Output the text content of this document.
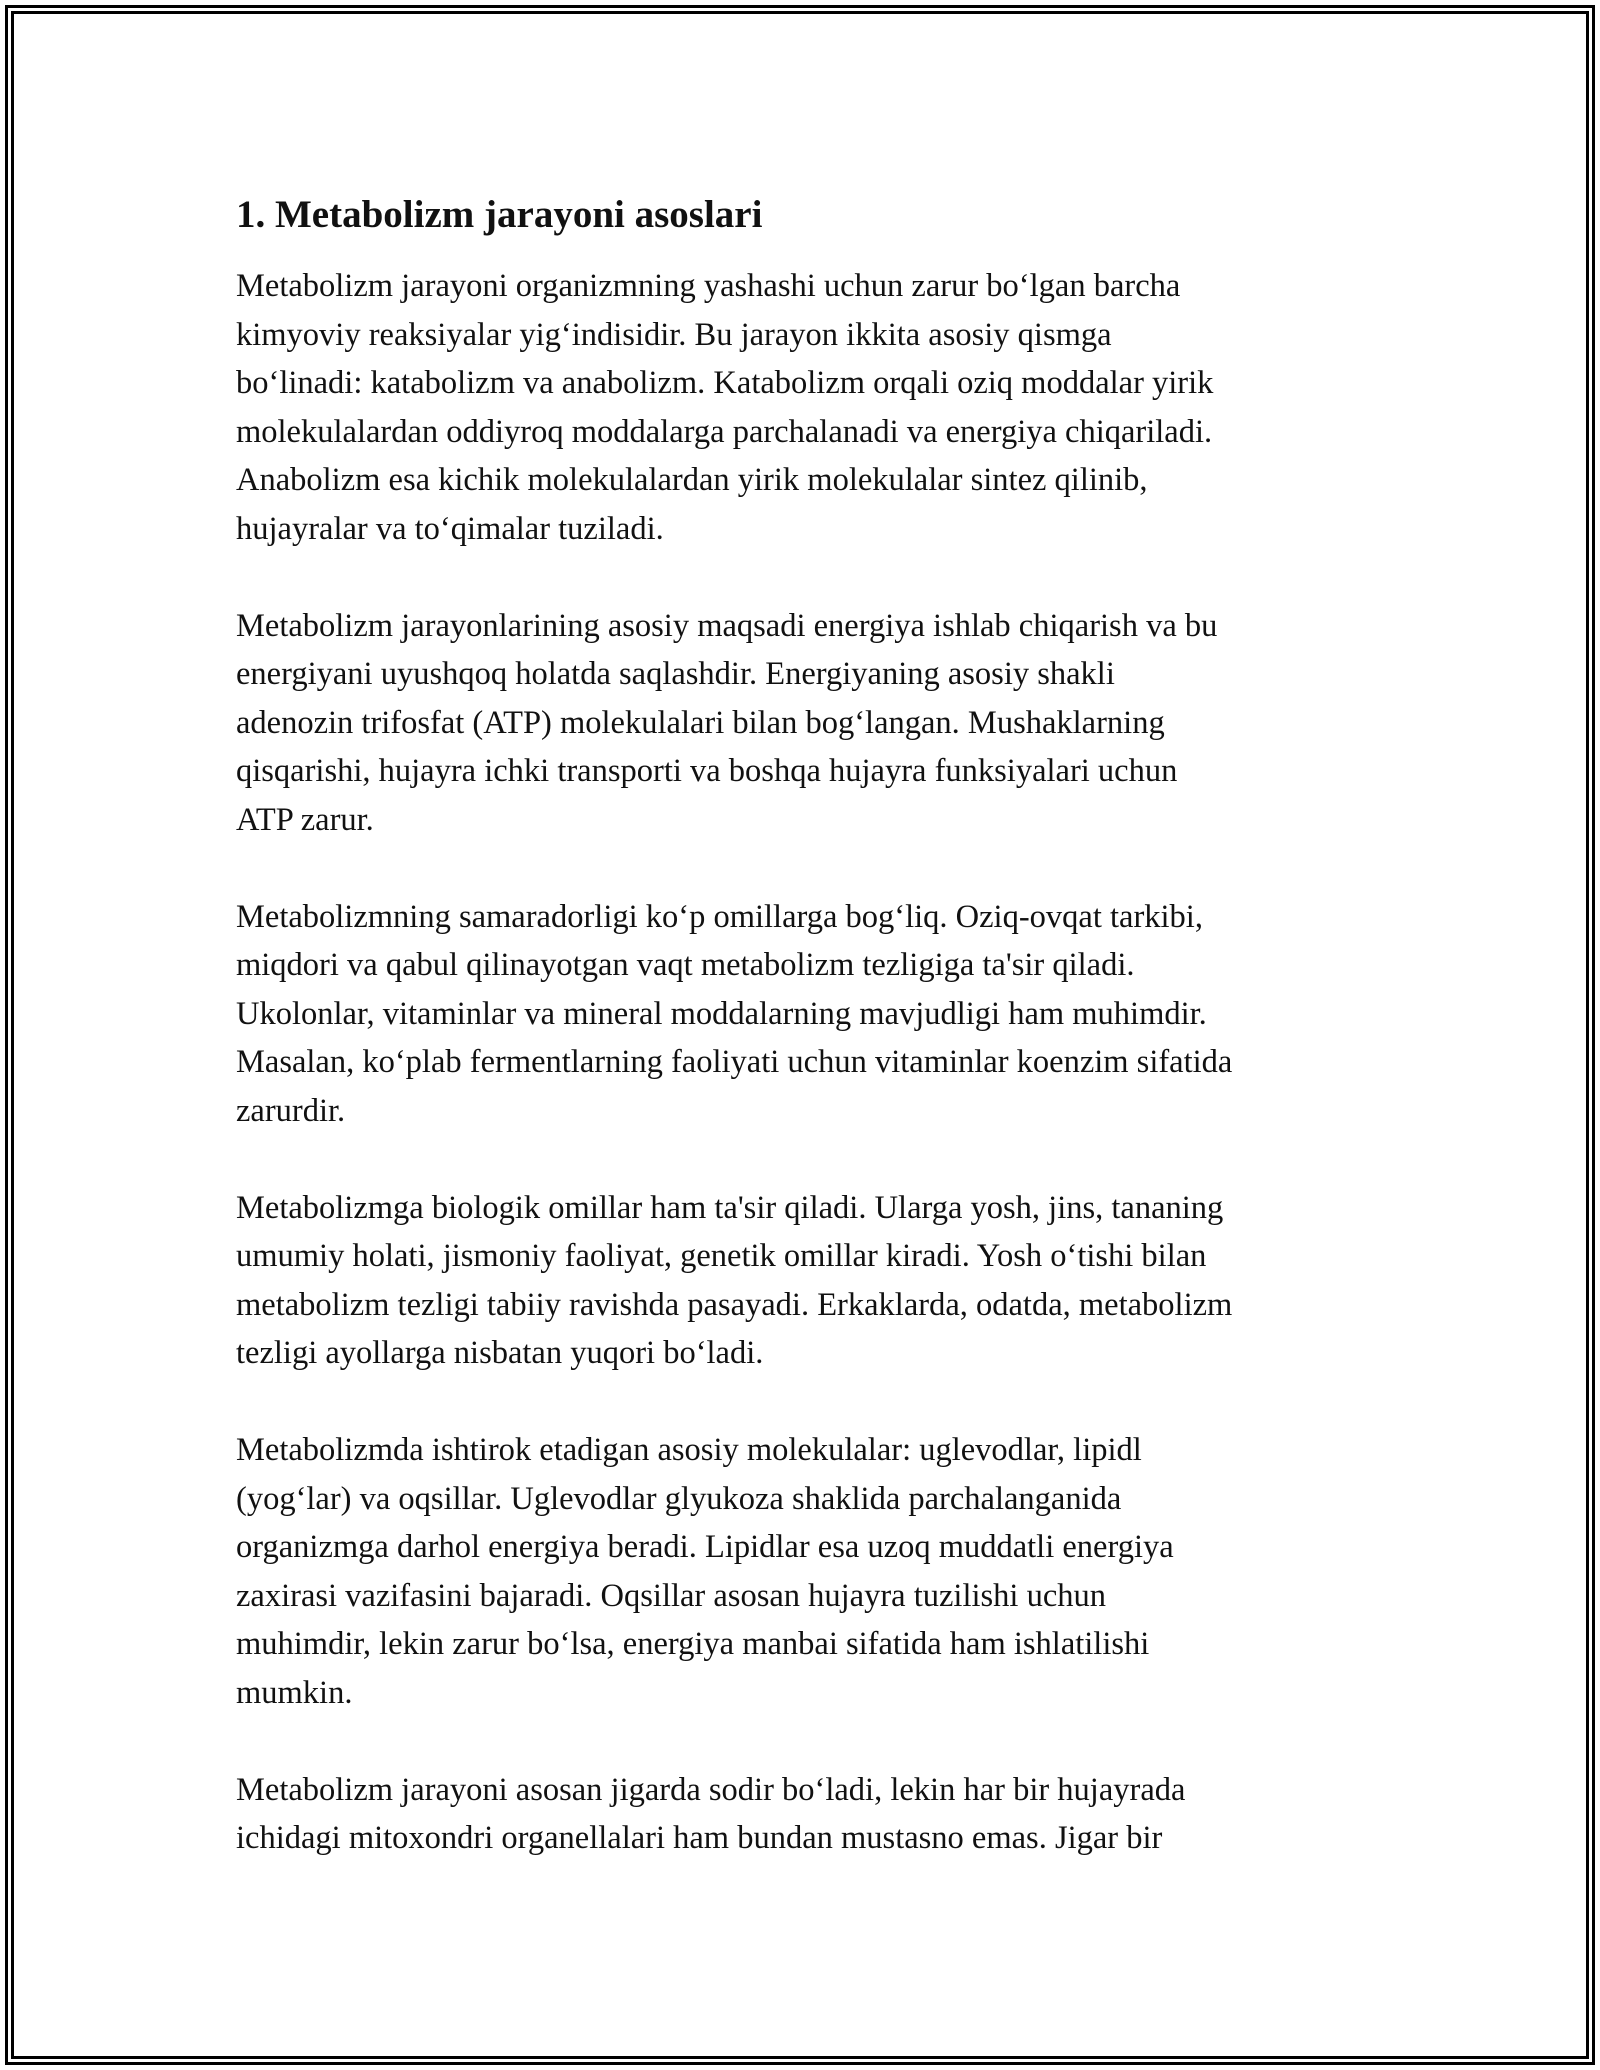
1. Metabolizm jarayoni asoslari
Metabolizm jarayoni organizmning yashashi uchun zarur bo‘lgan barcha
kimyoviy reaksiyalar yig‘indisidir. Bu jarayon ikkita asosiy qismga
bo‘linadi: katabolizm va anabolizm. Katabolizm orqali oziq moddalar yirik
molekulalardan oddiyroq moddalarga parchalanadi va energiya chiqariladi.
Anabolizm esa kichik molekulalardan yirik molekulalar sintez qilinib,
hujayralar va to‘qimalar tuziladi.
Metabolizm jarayonlarining asosiy maqsadi energiya ishlab chiqarish va bu
energiyani uyushqoq holatda saqlashdir. Energiyaning asosiy shakli
adenozin trifosfat (ATP) molekulalari bilan bog‘langan. Mushaklarning
qisqarishi, hujayra ichki transporti va boshqa hujayra funksiyalari uchun
ATP zarur.
Metabolizmning samaradorligi ko‘p omillarga bog‘liq. Oziq-ovqat tarkibi,
miqdori va qabul qilinayotgan vaqt metabolizm tezligiga ta'sir qiladi.
Ukolonlar, vitaminlar va mineral moddalarning mavjudligi ham muhimdir.
Masalan, ko‘plab fermentlarning faoliyati uchun vitaminlar koenzim sifatida
zarurdir.
Metabolizmga biologik omillar ham ta'sir qiladi. Ularga yosh, jins, tananing
umumiy holati, jismoniy faoliyat, genetik omillar kiradi. Yosh o‘tishi bilan
metabolizm tezligi tabiiy ravishda pasayadi. Erkaklarda, odatda, metabolizm
tezligi ayollarga nisbatan yuqori bo‘ladi.
Metabolizmda ishtirok etadigan asosiy molekulalar: uglevodlar, lipidl
(yog‘lar) va oqsillar. Uglevodlar glyukoza shaklida parchalanganida
organizmga darhol energiya beradi. Lipidlar esa uzoq muddatli energiya
zaxirasi vazifasini bajaradi. Oqsillar asosan hujayra tuzilishi uchun
muhimdir, lekin zarur bo‘lsa, energiya manbai sifatida ham ishlatilishi
mumkin.
Metabolizm jarayoni asosan jigarda sodir bo‘ladi, lekin har bir hujayrada
ichidagi mitoxondri organellalari ham bundan mustasno emas. Jigar bir
